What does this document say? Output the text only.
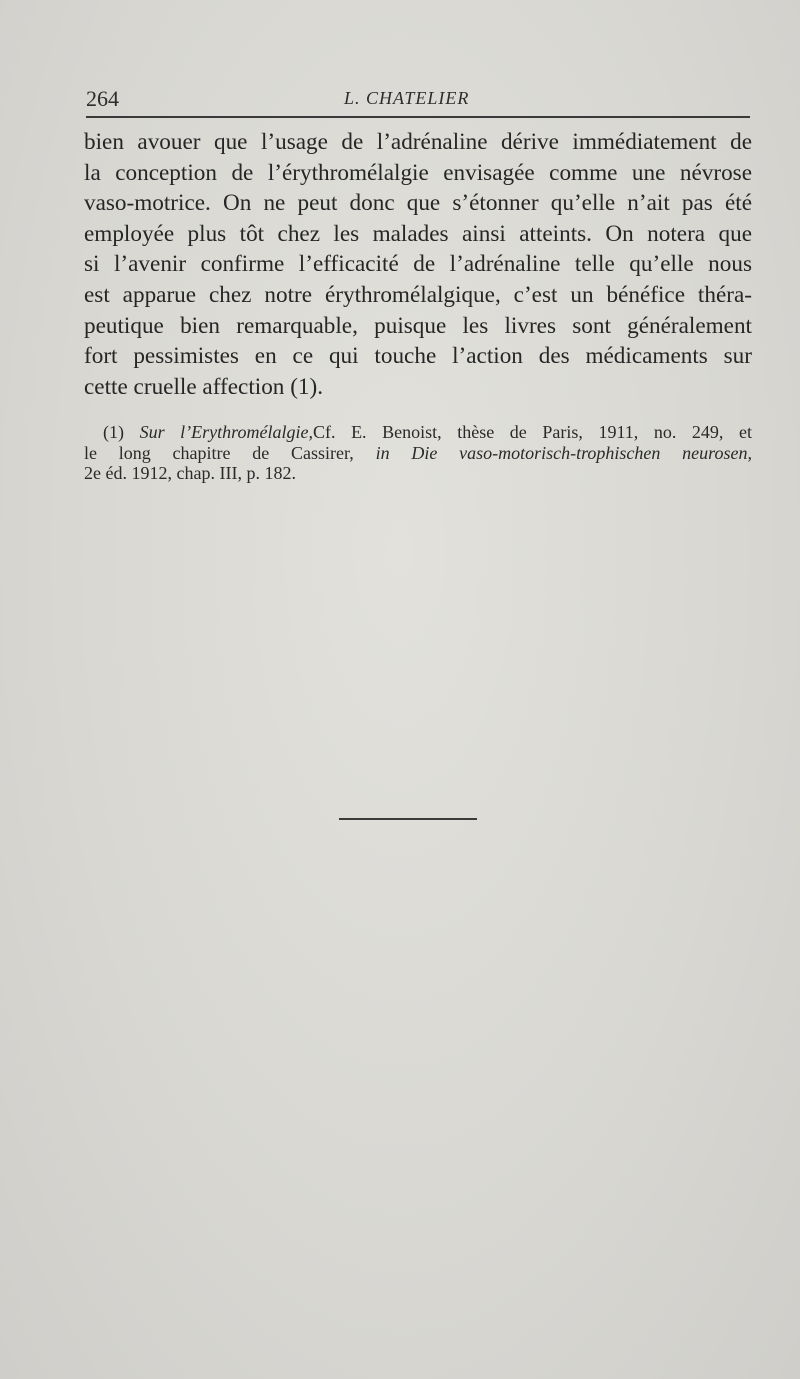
264	L. CHATELIER
bien avouer que l’usage de l’adrénaline dérive immédiatement de
la conception de l’érythromélalgie envisagée comme une névrose
vaso-motrice. On ne peut donc que s’étonner qu’elle n’ait pas été
employée plus tôt chez les malades ainsi atteints. On notera que
si l’avenir confirme l’efficacité de l’adrénaline telle qu’elle nous
est apparue chez notre érythromélalgique, c’est un bénéfice théra-
peutique bien remarquable, puisque les livres sont généralement
fort pessimistes en ce qui touche l’action des médicaments sur
cette cruelle affection (1).
(1) Sur l’Erythromélalgie,Cf. E. Benoist, thèse de Paris, 1911, no. 249, et
le long chapitre de Cassirer, in Die vaso-motorisch-trophischen neurosen,
2e éd. 1912, chap. III, p. 182.
